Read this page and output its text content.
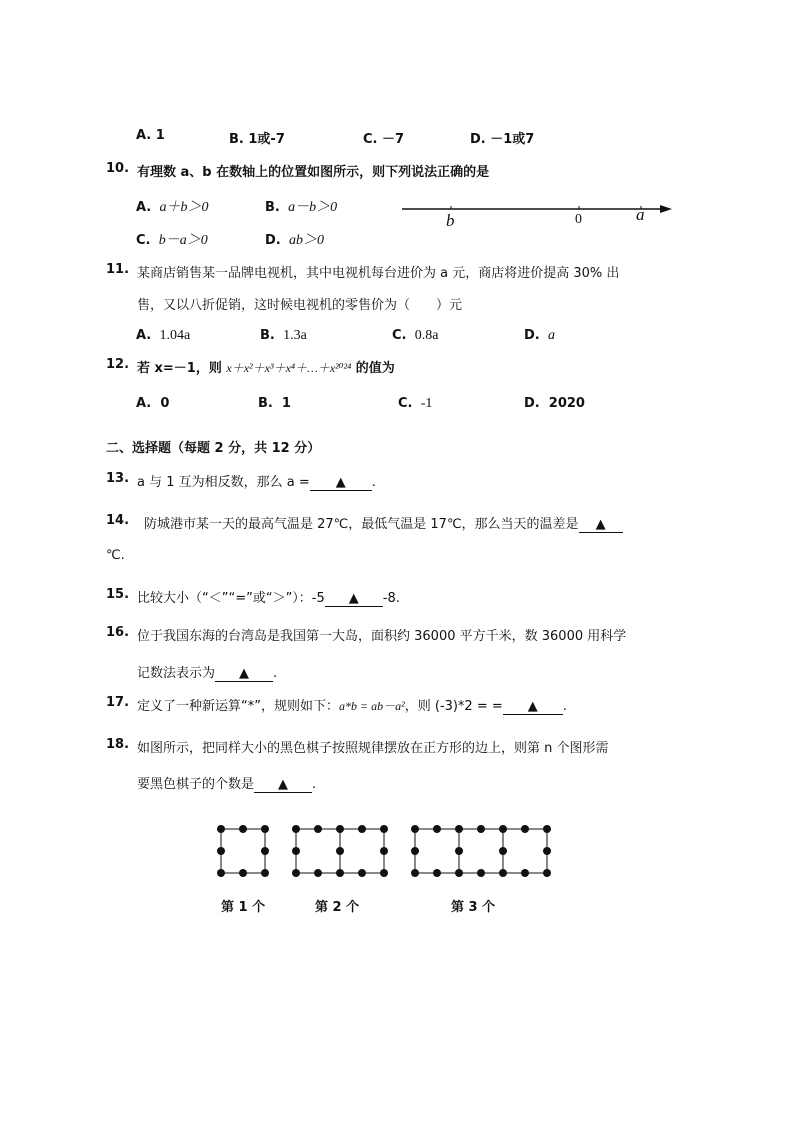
A. 1	B. 1或-7	C. －7	D. －1或7
10. 有理数 a、b 在数轴上的位置如图所示，则下列说法正确的是
A. a＋b＞0	B. a－b＞0
C. b－a＞0	D. ab＞0
b	0	a
11. 某商店销售某一品牌电视机，其中电视机每台进价为 a 元，商店将进价提高 30% 出
售，又以八折促销，这时候电视机的零售价为（　　）元
A. 1.04a	B. 1.3a	C. 0.8a	D. a
12. 若 x=－1，则 x＋x²＋x³＋x⁴＋…＋x²⁰²⁴ 的值为
A. 0	B. 1	C. -1	D. 2020
二、选择题（每题 2 分，共 12 分）
13. a 与 1 互为相反数，那么 a = ▲ .
14. 防城港市某一天的最高气温是 27℃，最低气温是 17℃，那么当天的温差是 ▲
℃.
15. 比较大小（“＜”“=”或“＞”）：-5 ▲ -8.
16. 位于我国东海的台湾岛是我国第一大岛，面积约 36000 平方千米，数 36000 用科学
记数法表示为 ▲ .
17. 定义了一种新运算“*”，规则如下：a*b = ab－a²，则 (-3)*2 = = ▲ .
18. 如图所示，把同样大小的黑色棋子按照规律摆放在正方形的边上，则第 n 个图形需
要黑色棋子的个数是 ▲ .
第 1 个	第 2 个	第 3 个
